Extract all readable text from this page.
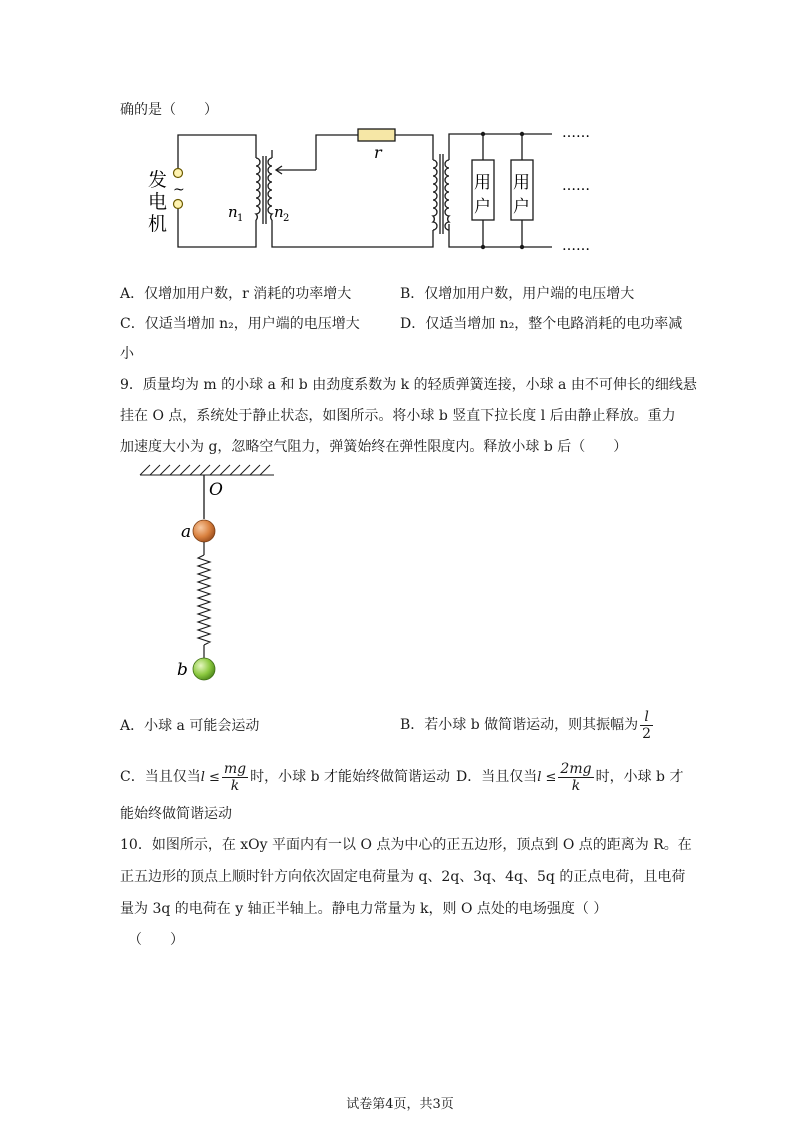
确的是（　　）
发
电
机
~
r
n 1 n 2
用
户
用
户
……
……
……
A．仅增加用户数，r 消耗的功率增大	B．仅增加用户数，用户端的电压增大
C．仅适当增加 n₂，用户端的电压增大	D．仅适当增加 n₂，整个电路消耗的电功率减
小
9．质量均为 m 的小球 a 和 b 由劲度系数为 k 的轻质弹簧连接，小球 a 由不可伸长的细线悬
挂在 O 点，系统处于静止状态，如图所示。将小球 b 竖直下拉长度 l 后由静止释放。重力
加速度大小为 g，忽略空气阻力，弹簧始终在弹性限度内。释放小球 b 后（　　）
O
a
b
A．小球 a 可能会运动	B．若小球 b 做简谐运动，则其振幅为 $\frac{l}{2}$
C．当且仅当$l \le \frac{mg}{k}$ 时，小球 b 才能始终做简谐运动 D．当且仅当$l \le \frac{2mg}{k}$ 时，小球 b 才
能始终做简谐运动
10．如图所示，在 xOy 平面内有一以 O 点为中心的正五边形，顶点到 O 点的距离为 R。在
正五边形的顶点上顺时针方向依次固定电荷量为 q、2q、3q、4q、5q 的正点电荷，且电荷
量为 3q 的电荷在 y 轴正半轴上。静电力常量为 k，则 O 点处的电场强度（ ）
（　　）
试卷第4页，共3页
